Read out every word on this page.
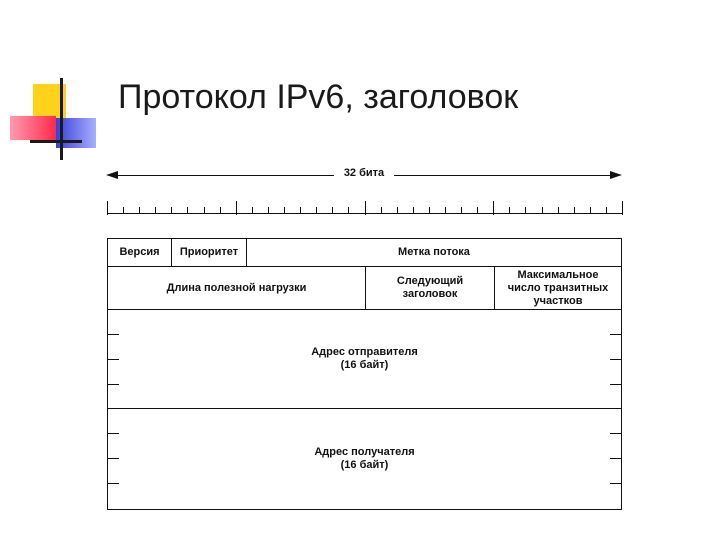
Протокол IPv6, заголовок
32 бита
Версия	Приоритет	Метка потока
Длина полезной нагрузки
Следующий
заголовок
Максимальное
число транзитных
участков
Адрес отправителя
(16 байт)
Адрес получателя
(16 байт)
